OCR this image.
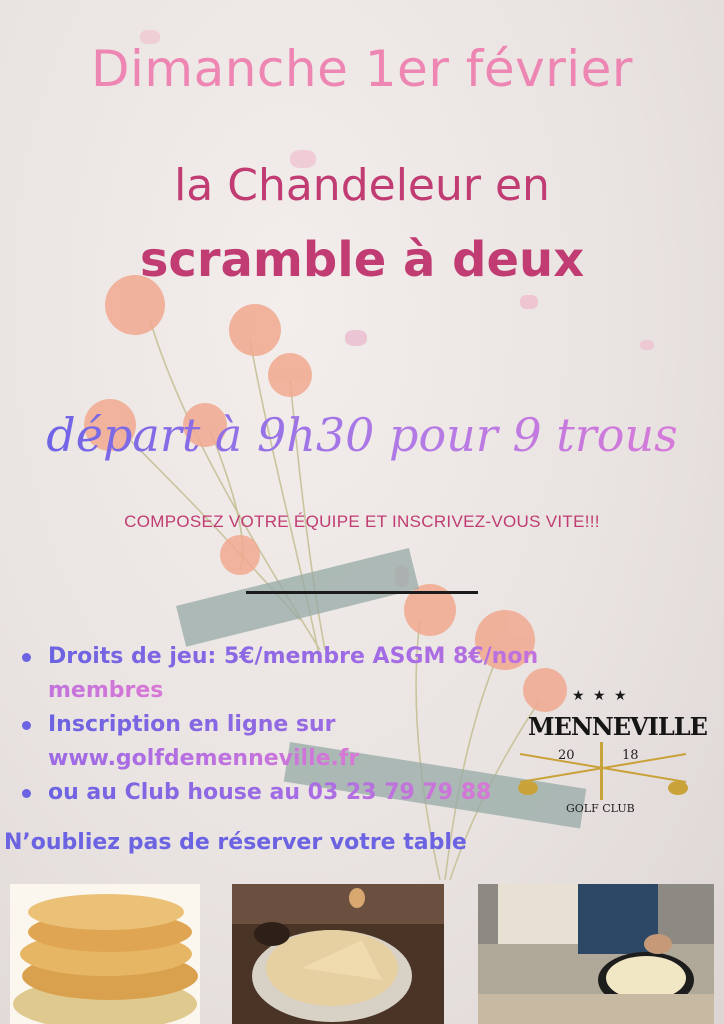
Dimanche 1er février
la Chandeleur en
scramble à deux
départ à 9h30 pour 9 trous
COMPOSEZ VOTRE ÉQUIPE ET INSCRIVEZ-VOUS VITE!!!
Droits de jeu: 5€/membre ASGM 8€/non membres
Inscription en ligne sur www.golfdemenneville.fr
ou au Club house au 03 23 79 79 88
N’oubliez pas de réserver votre table
★ ★ ★
MENNEVILLE
20	18
GOLF CLUB
